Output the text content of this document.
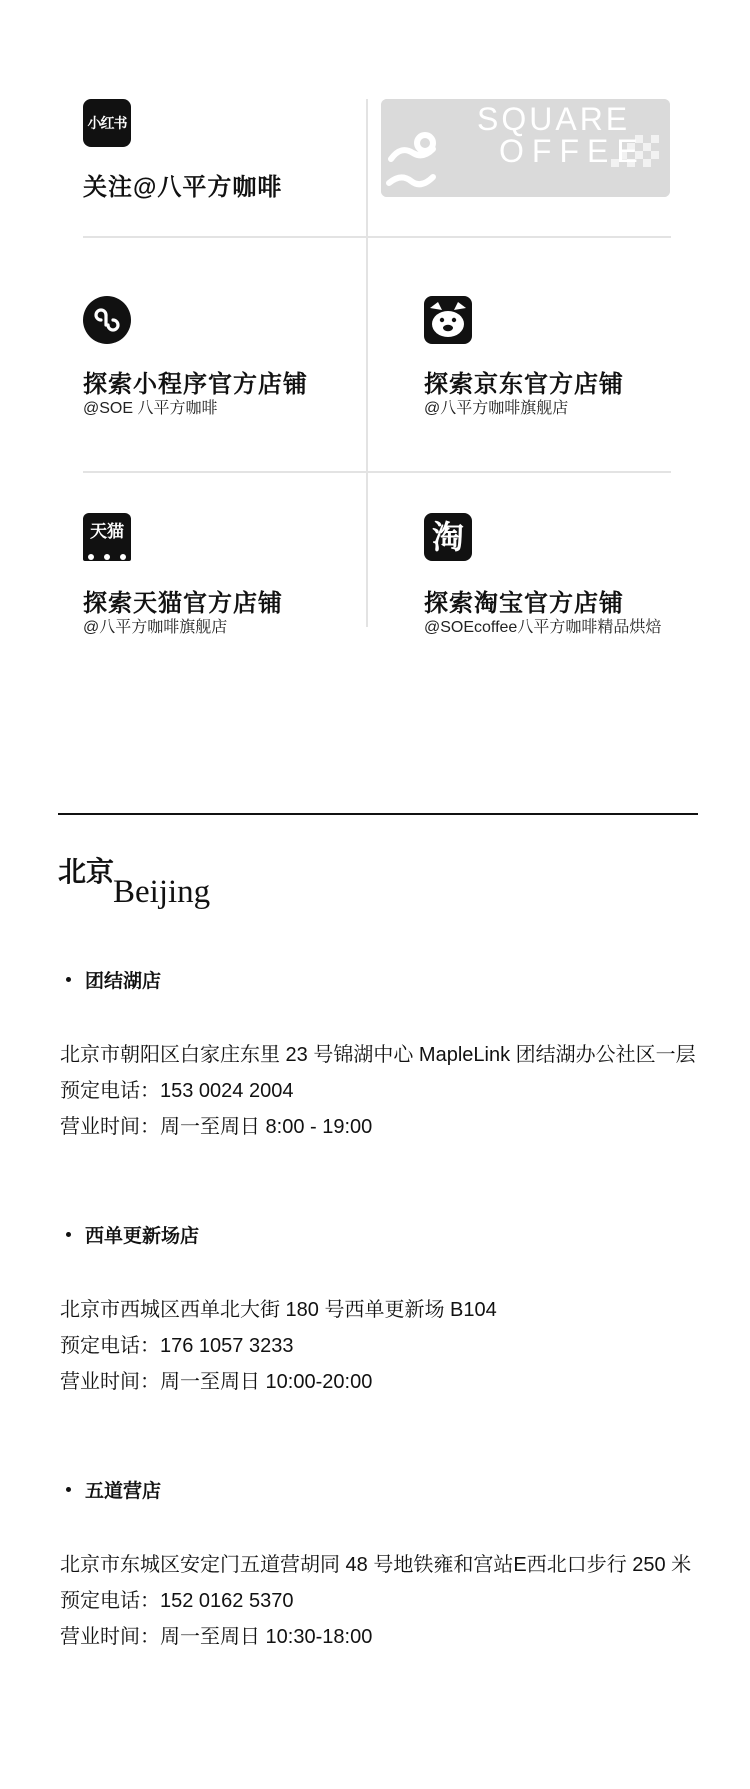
小红书
关注@八平方咖啡
SQUARE
OFFEE
探索小程序官方店铺
@SOE 八平方咖啡
探索京东官方店铺
@八平方咖啡旗舰店
天猫
探索天猫官方店铺
@八平方咖啡旗舰店
淘
探索淘宝官方店铺
@SOEcoffee八平方咖啡精品烘焙
北京
Beijing
团结湖店
北京市朝阳区白家庄东里 23 号锦湖中心 MapleLink 团结湖办公社区一层
预定电话：153 0024 2004
营业时间：周一至周日 8:00 - 19:00
西单更新场店
北京市西城区西单北大街 180 号西单更新场 B104
预定电话：176 1057 3233
营业时间：周一至周日 10:00-20:00
五道营店
北京市东城区安定门五道营胡同 48 号地铁雍和宫站E西北口步行 250 米
预定电话：152 0162 5370
营业时间：周一至周日 10:30-18:00
